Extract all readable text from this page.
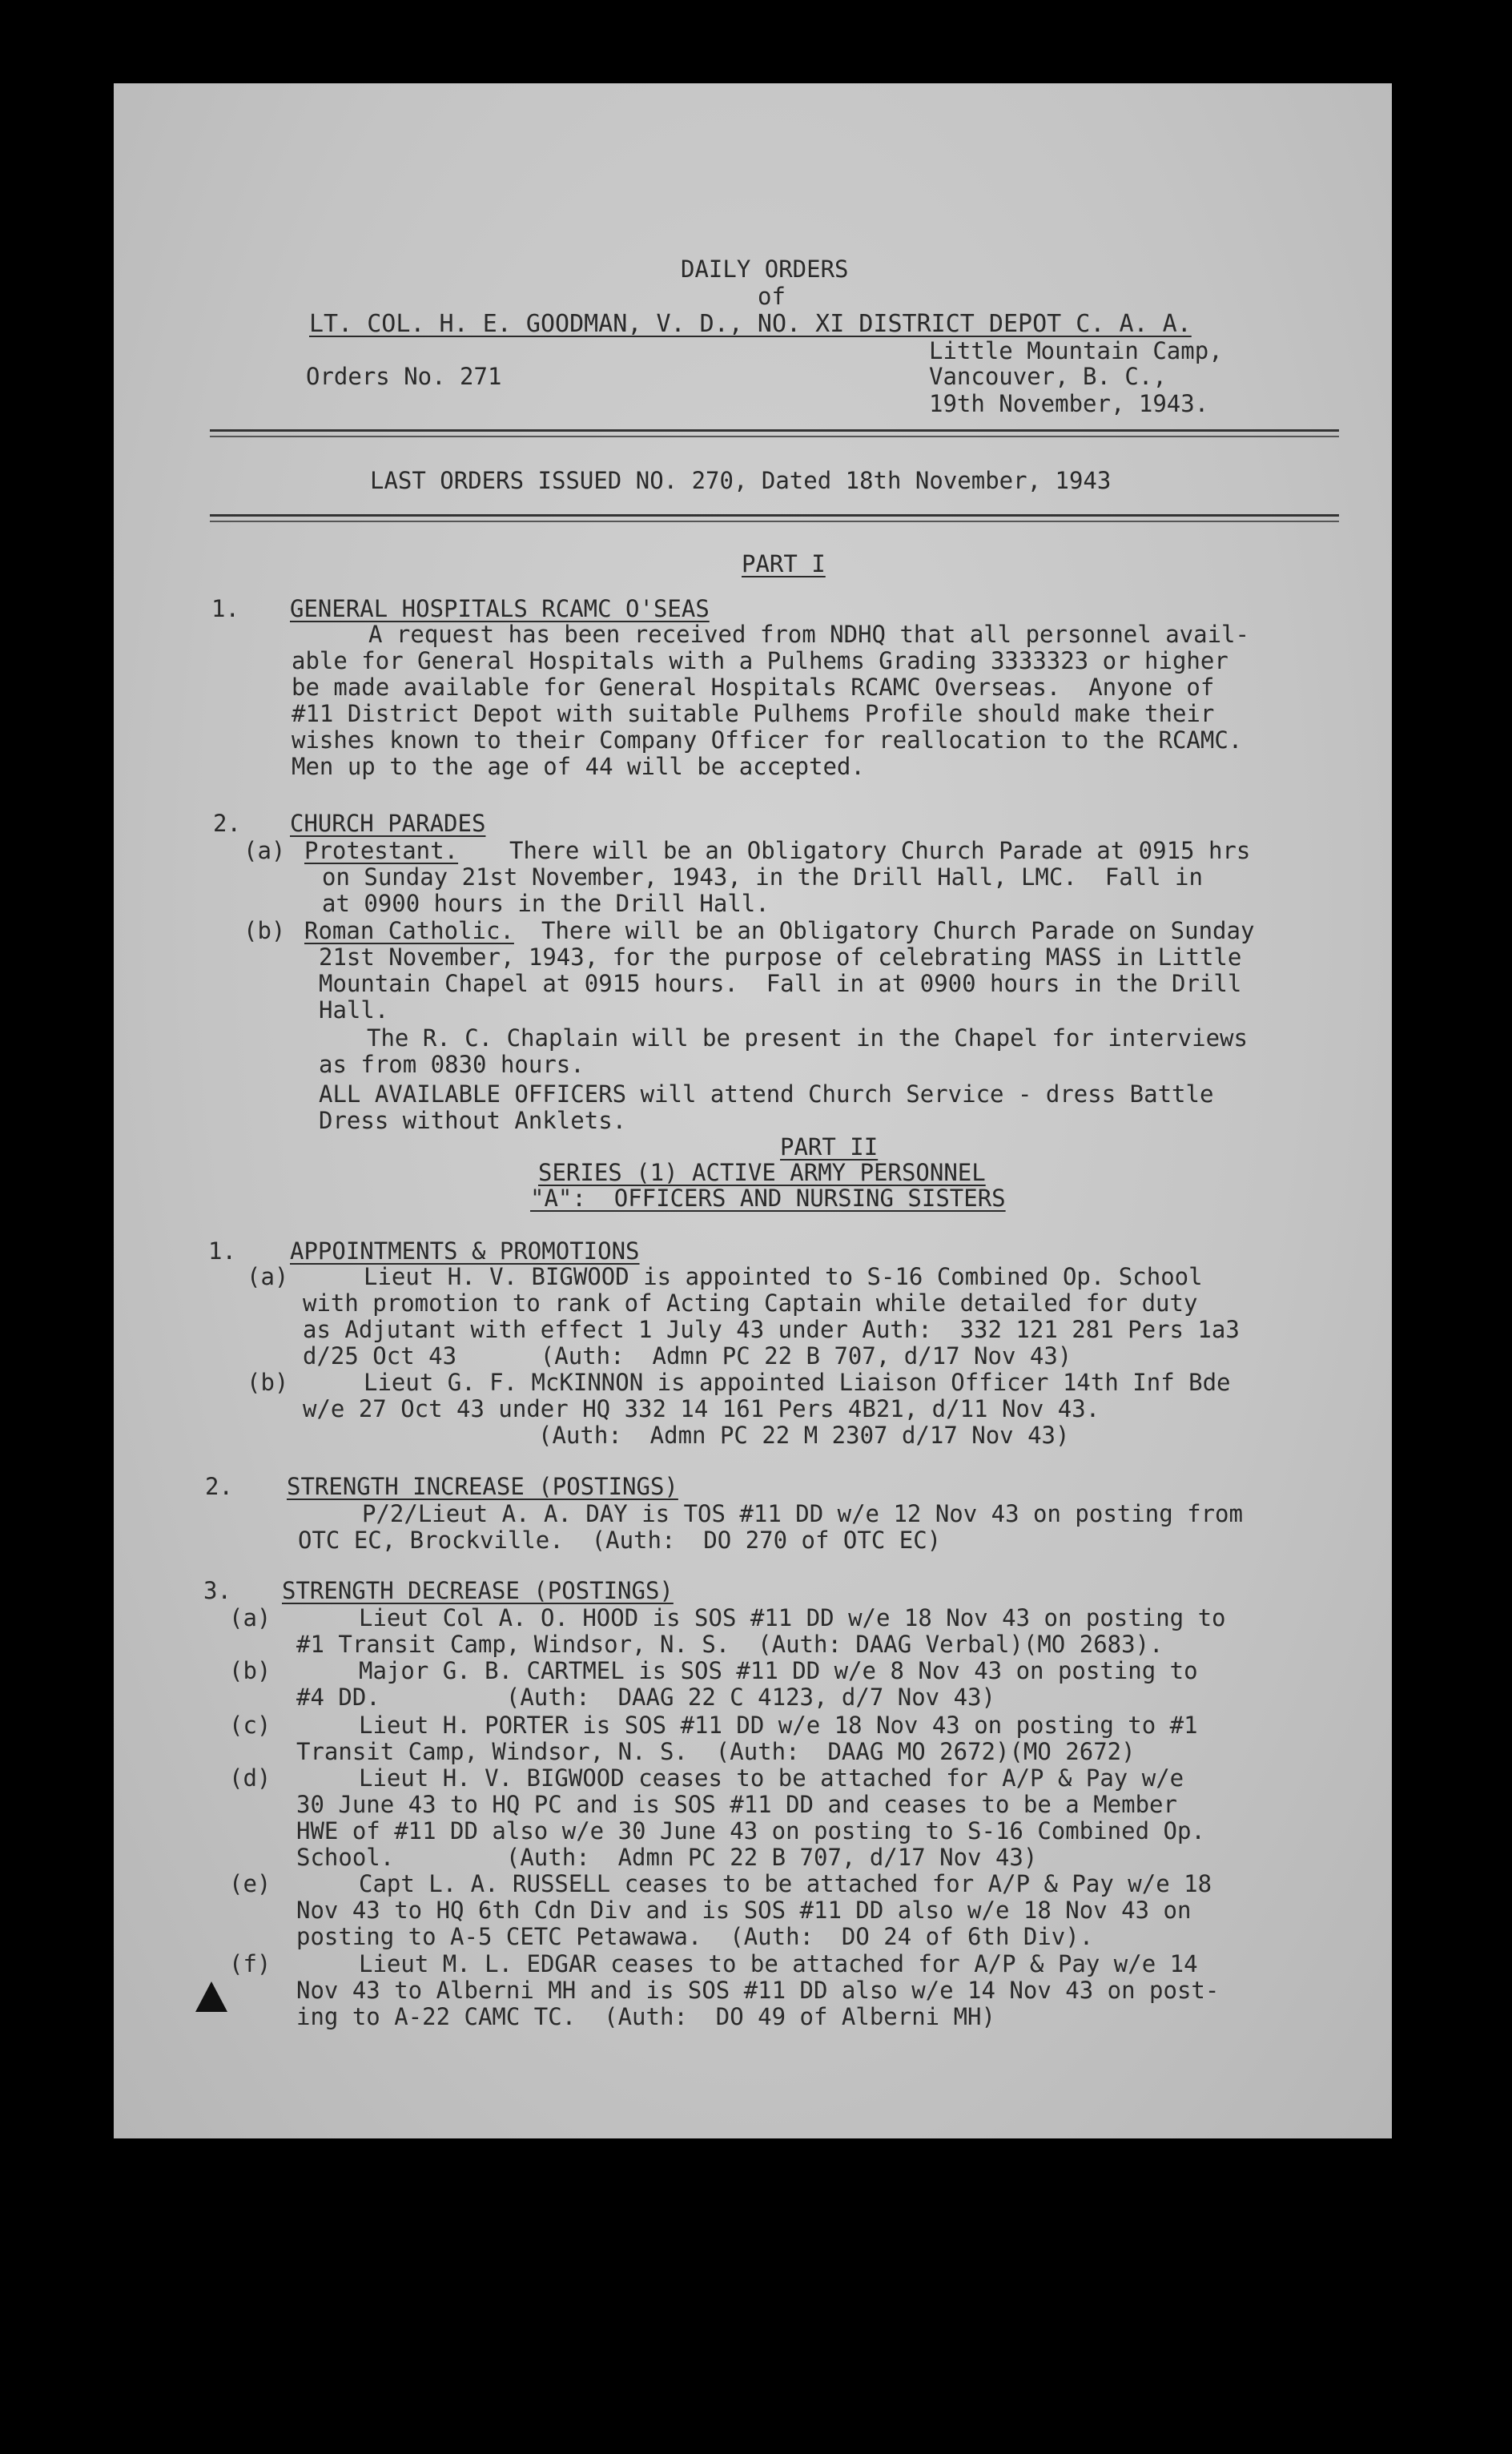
DAILY ORDERS
of
LT. COL. H. E. GOODMAN, V. D., NO. XI DISTRICT DEPOT C. A. A.
Little Mountain Camp,
Orders No. 271	Vancouver, B. C.,
19th November, 1943.
LAST ORDERS ISSUED NO. 270, Dated 18th November, 1943
PART I
1. GENERAL HOSPITALS RCAMC O'SEAS
A request has been received from NDHQ that all personnel avail-
able for General Hospitals with a Pulhems Grading 3333323 or higher
be made available for General Hospitals RCAMC Overseas.  Anyone of
#11 District Depot with suitable Pulhems Profile should make their
wishes known to their Company Officer for reallocation to the RCAMC.
Men up to the age of 44 will be accepted.
2. CHURCH PARADES
(a) Protestant. There will be an Obligatory Church Parade at 0915 hrs
on Sunday 21st November, 1943, in the Drill Hall, LMC.  Fall in
at 0900 hours in the Drill Hall.
(b) Roman Catholic. There will be an Obligatory Church Parade on Sunday
21st November, 1943, for the purpose of celebrating MASS in Little
Mountain Chapel at 0915 hours.  Fall in at 0900 hours in the Drill
Hall.
The R. C. Chaplain will be present in the Chapel for interviews
as from 0830 hours.
ALL AVAILABLE OFFICERS will attend Church Service - dress Battle
Dress without Anklets.
PART II
SERIES (1) ACTIVE ARMY PERSONNEL
"A":  OFFICERS AND NURSING SISTERS
1. APPOINTMENTS & PROMOTIONS
(a)	Lieut H. V. BIGWOOD is appointed to S-16 Combined Op. School
with promotion to rank of Acting Captain while detailed for duty
as Adjutant with effect 1 July 43 under Auth:  332 121 281 Pers 1a3
d/25 Oct 43      (Auth:  Admn PC 22 B 707, d/17 Nov 43)
(b)	Lieut G. F. McKINNON is appointed Liaison Officer 14th Inf Bde
w/e 27 Oct 43 under HQ 332 14 161 Pers 4B21, d/11 Nov 43.
(Auth:  Admn PC 22 M 2307 d/17 Nov 43)
2. STRENGTH INCREASE (POSTINGS)
P/2/Lieut A. A. DAY is TOS #11 DD w/e 12 Nov 43 on posting from
OTC EC, Brockville.  (Auth:  DO 270 of OTC EC)
3. STRENGTH DECREASE (POSTINGS)
(a)	Lieut Col A. O. HOOD is SOS #11 DD w/e 18 Nov 43 on posting to
#1 Transit Camp, Windsor, N. S.  (Auth: DAAG Verbal)(MO 2683).
(b)	Major G. B. CARTMEL is SOS #11 DD w/e 8 Nov 43 on posting to
#4 DD.         (Auth:  DAAG 22 C 4123, d/7 Nov 43)
(c)	Lieut H. PORTER is SOS #11 DD w/e 18 Nov 43 on posting to #1
Transit Camp, Windsor, N. S.  (Auth:  DAAG MO 2672)(MO 2672)
(d)	Lieut H. V. BIGWOOD ceases to be attached for A/P & Pay w/e
30 June 43 to HQ PC and is SOS #11 DD and ceases to be a Member
HWE of #11 DD also w/e 30 June 43 on posting to S-16 Combined Op.
School.        (Auth:  Admn PC 22 B 707, d/17 Nov 43)
(e)	Capt L. A. RUSSELL ceases to be attached for A/P & Pay w/e 18
Nov 43 to HQ 6th Cdn Div and is SOS #11 DD also w/e 18 Nov 43 on
posting to A-5 CETC Petawawa.  (Auth:  DO 24 of 6th Div).
(f)	Lieut M. L. EDGAR ceases to be attached for A/P & Pay w/e 14
Nov 43 to Alberni MH and is SOS #11 DD also w/e 14 Nov 43 on post-
ing to A-22 CAMC TC.  (Auth:  DO 49 of Alberni MH)
